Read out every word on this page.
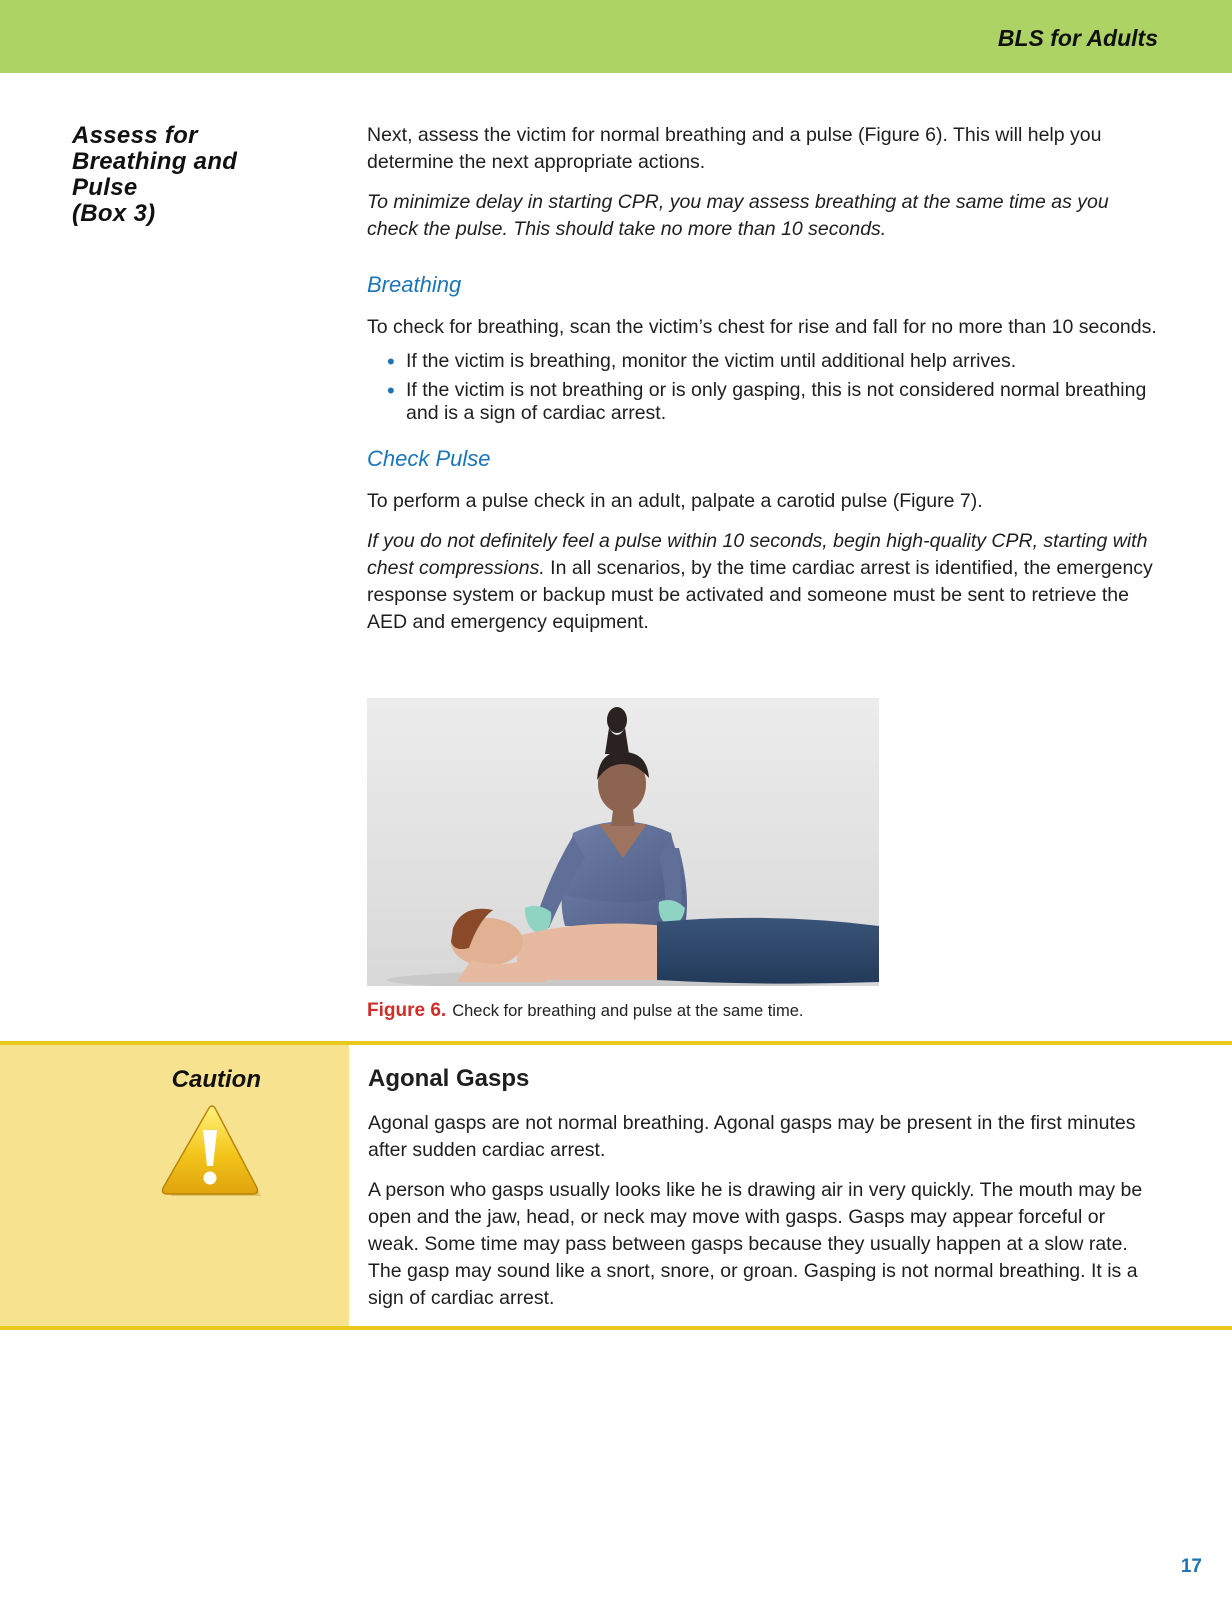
BLS for Adults
Assess for
Breathing and
Pulse
(Box 3)

Next, assess the victim for normal breathing and a pulse (Figure 6). This will help you determine the next appropriate actions.

To minimize delay in starting CPR, you may assess breathing at the same time as you check the pulse. This should take no more than 10 seconds.

Breathing

To check for breathing, scan the victim’s chest for rise and fall for no more than 10 seconds.

• If the victim is breathing, monitor the victim until additional help arrives.
• If the victim is not breathing or is only gasping, this is not considered normal breathing and is a sign of cardiac arrest.
Check Pulse

To perform a pulse check in an adult, palpate a carotid pulse (Figure 7).

If you do not definitely feel a pulse within 10 seconds, begin high-quality CPR, starting with chest compressions. In all scenarios, by the time cardiac arrest is identified, the emergency response system or backup must be activated and someone must be sent to retrieve the AED and emergency equipment.

Figure 6. Check for breathing and pulse at the same time.
Caution	Agonal Gasps

Agonal gasps are not normal breathing. Agonal gasps may be present in the first minutes after sudden cardiac arrest.

A person who gasps usually looks like he is drawing air in very quickly. The mouth may be open and the jaw, head, or neck may move with gasps. Gasps may appear forceful or weak. Some time may pass between gasps because they usually happen at a slow rate. The gasp may sound like a snort, snore, or groan. Gasping is not normal breathing. It is a sign of cardiac arrest.

17
